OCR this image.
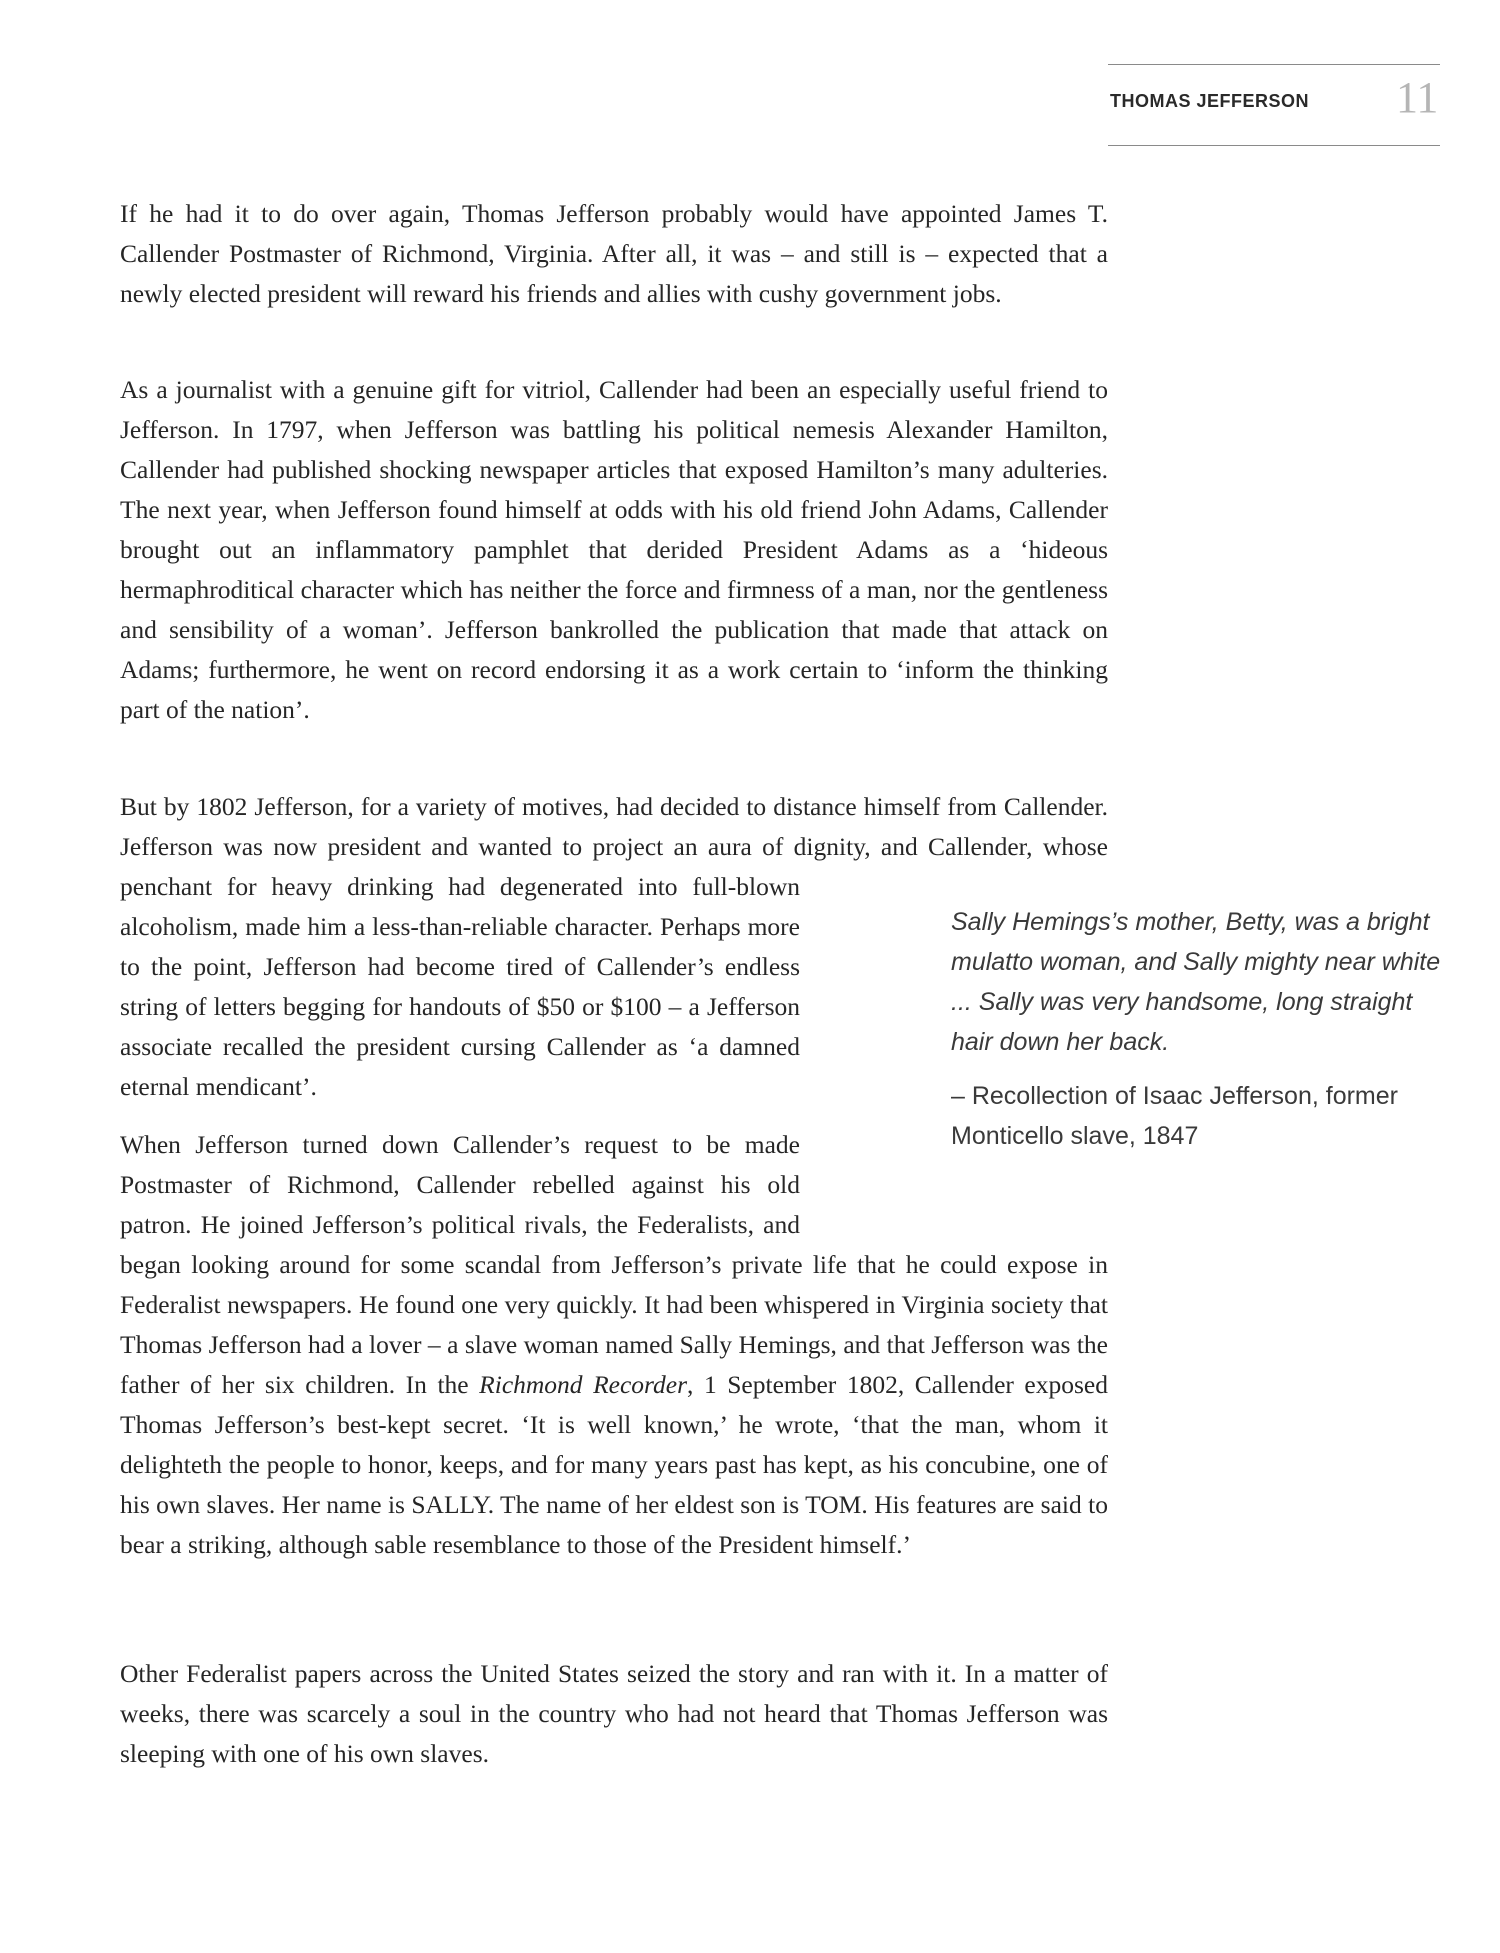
THOMAS JEFFERSON 11

If he had it to do over again, Thomas Jefferson probably would have appointed James T. Callender Postmaster of Richmond, Virginia. After all, it was – and still is – expected that a newly elected president will reward his friends and allies with cushy government jobs.

As a journalist with a genuine gift for vitriol, Callender had been an especially useful friend to Jefferson. In 1797, when Jefferson was battling his political nemesis Alexander Hamilton, Callender had published shocking newspaper articles that exposed Hamilton’s many adulteries. The next year, when Jefferson found himself at odds with his old friend John Adams, Callender brought out an inflammatory pamphlet that derided President Adams as a ‘hideous hermaphroditical character which has neither the force and firmness of a man, nor the gentleness and sensibility of a woman’. Jefferson bankrolled the publication that made that attack on Adams; furthermore, he went on record endorsing it as a work certain to ‘inform the thinking part of the nation’.

But by 1802 Jefferson, for a variety of motives, had decided to distance himself from Callender. Jefferson was now president and wanted to project an aura of dignity, and Callender, whose penchant for heavy drinking had degenerated into full-blown alcoholism, made him a less-than-reliable character. Perhaps more to the point, Jefferson had become tired of Callender’s endless string of letters begging for handouts of $50 or $100 – a Jefferson associate recalled the president cursing Callender as ‘a damned eternal mendicant’.

When Jefferson turned down Callender’s request to be made Postmaster of Richmond, Callender rebelled against his old patron. He joined Jefferson’s political rivals, the Federalists, and began looking around for some scandal from Jefferson’s private life that he could expose in Federalist newspapers. He found one very quickly. It had been whispered in Virginia society that Thomas Jefferson had a lover – a slave woman named Sally Hemings, and that Jefferson was the father of her six children. In the Richmond Recorder, 1 September 1802, Callender exposed Thomas Jefferson’s best-kept secret. ‘It is well known,’ he wrote, ‘that the man, whom it delighteth the people to honor, keeps, and for many years past has kept, as his concubine, one of his own slaves. Her name is SALLY. The name of her eldest son is TOM. His features are said to bear a striking, although sable resemblance to those of the President himself.’

Other Federalist papers across the United States seized the story and ran with it. In a matter of weeks, there was scarcely a soul in the country who had not heard that Thomas Jefferson was sleeping with one of his own slaves.

Sally Hemings’s mother, Betty, was a bright mulatto woman, and Sally mighty near white ... Sally was very handsome, long straight hair down her back.

– Recollection of Isaac Jefferson, former Monticello slave, 1847
